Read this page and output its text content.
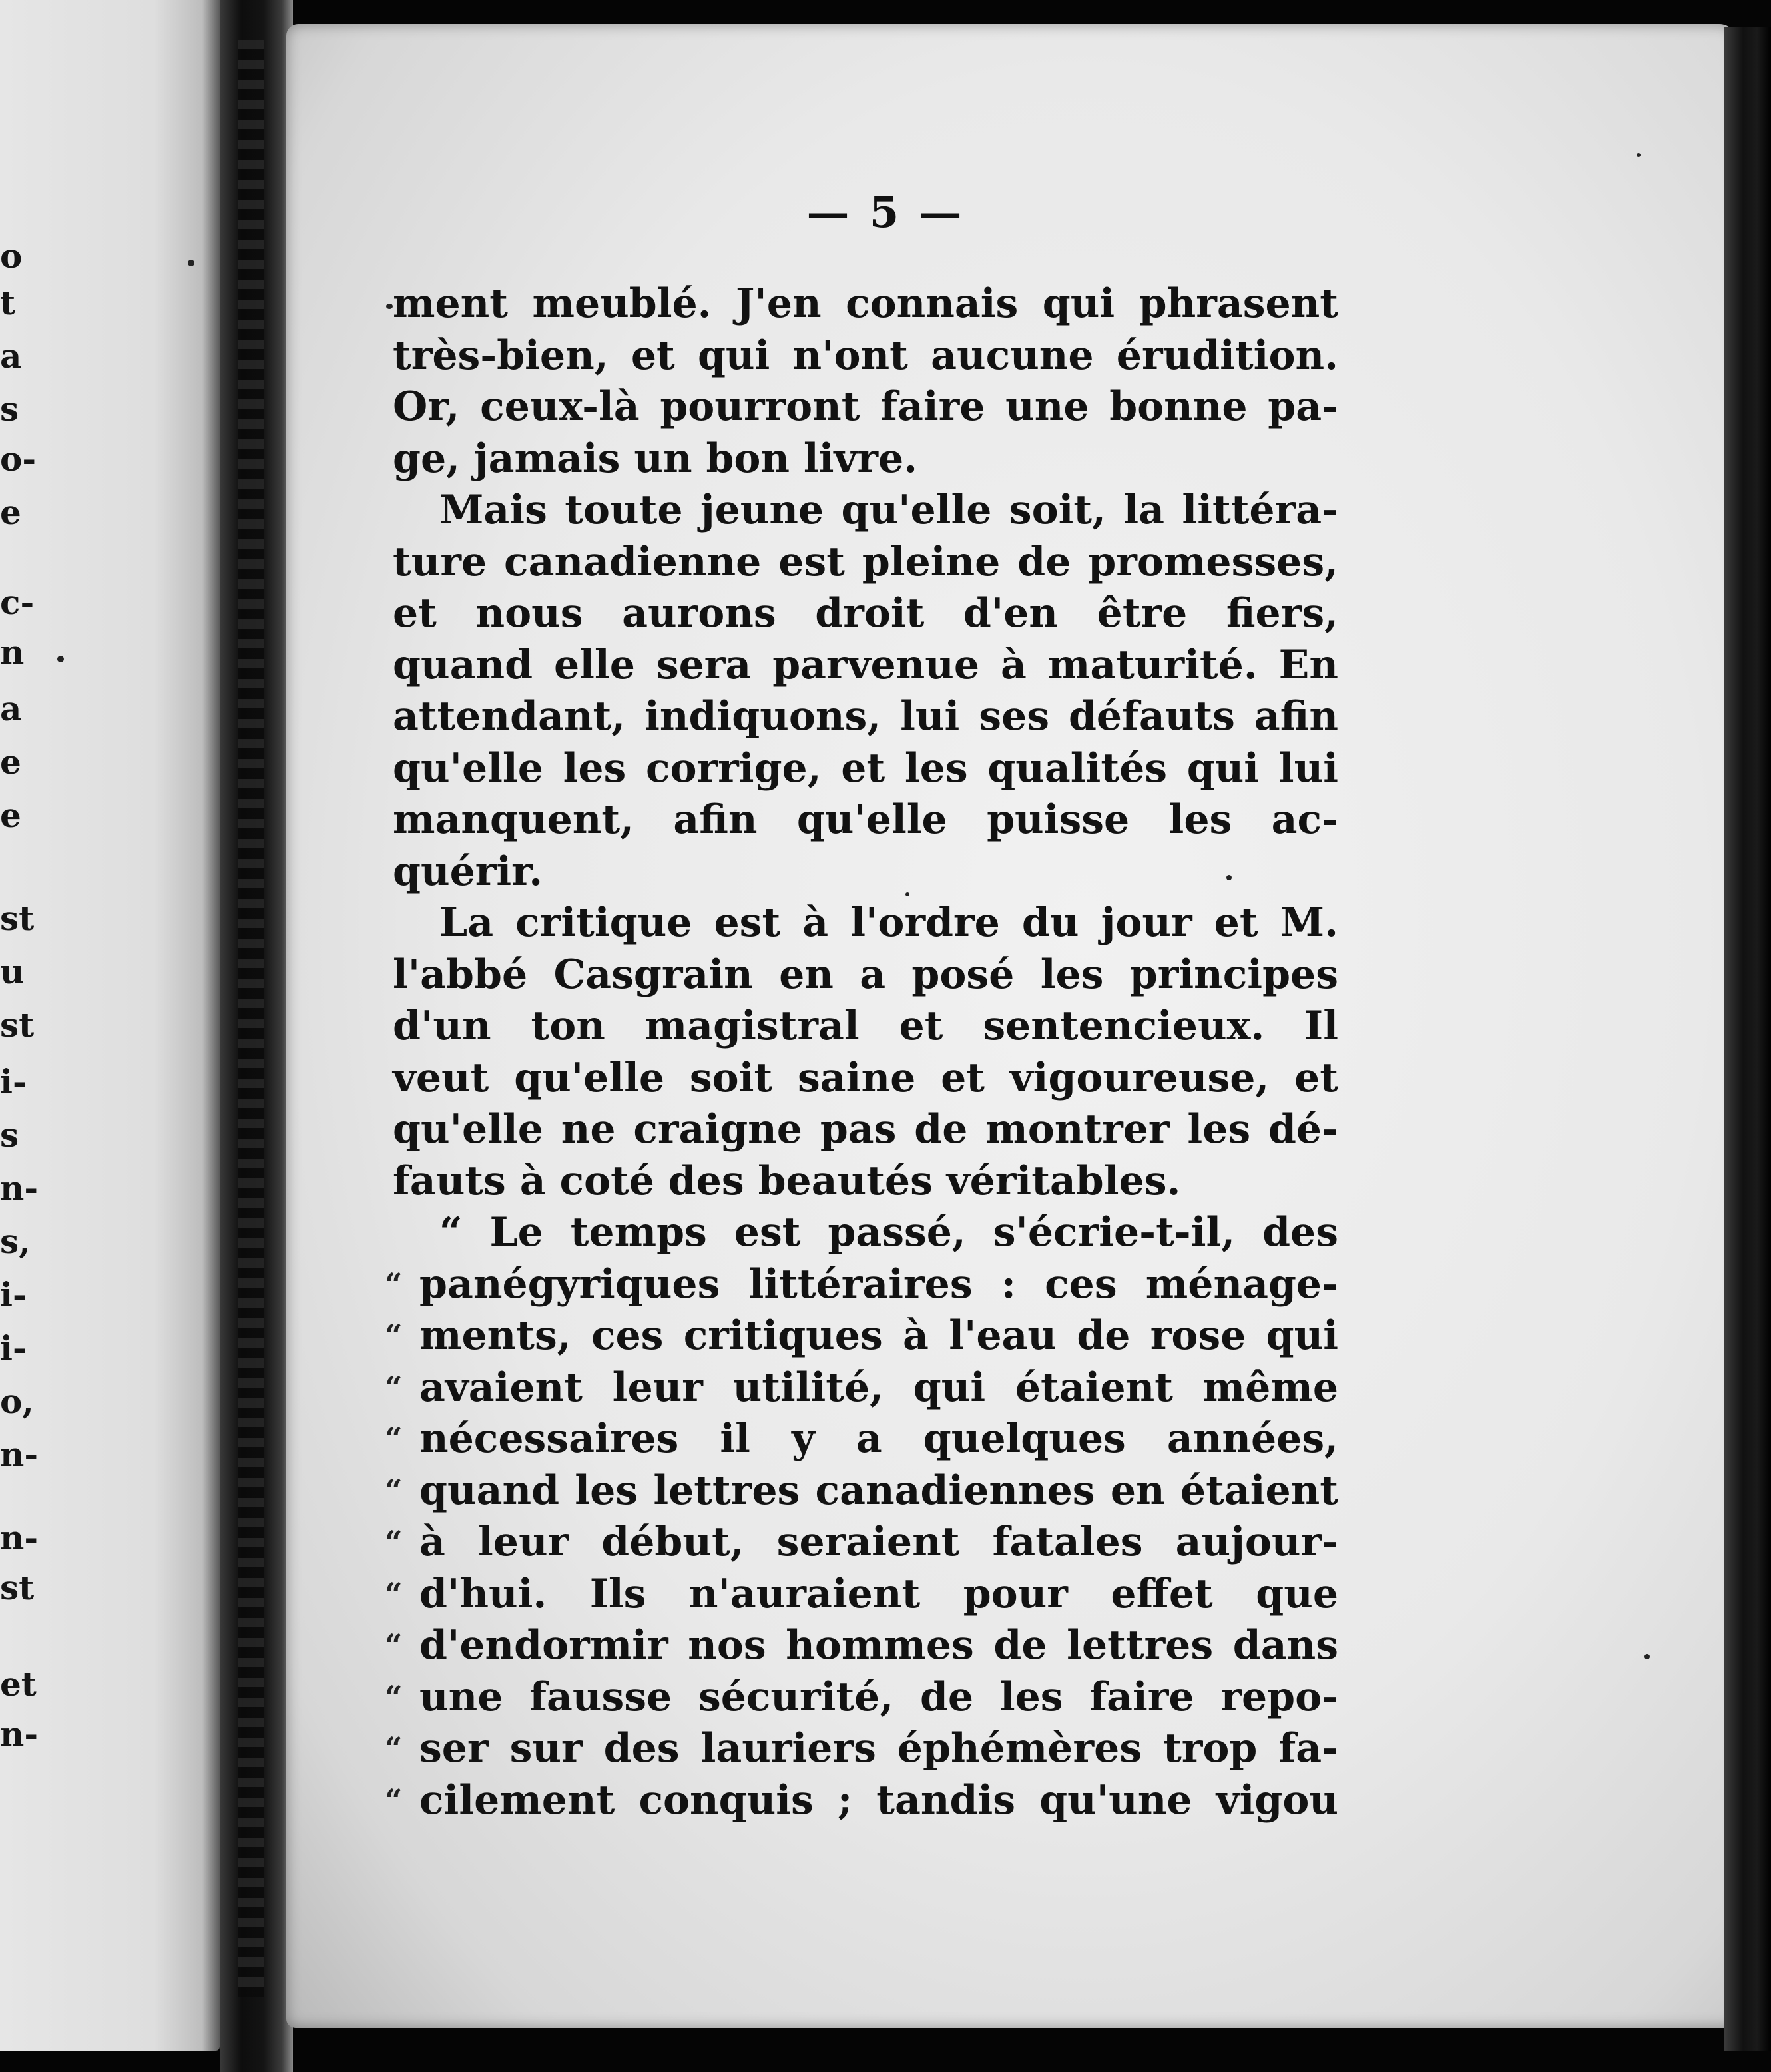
o
t
a
s
o-
e
c-
n
a
e
e
st
u
st
i-
s
n-
s,
i-
i-
o,
n-
n-
st
et
n-
— 5 —
ment meublé. J'en connais qui phrasent
très-bien, et qui n'ont aucune érudition.
Or, ceux-là pourront faire une bonne pa-
ge, jamais un bon livre.
Mais toute jeune qu'elle soit, la littéra-
ture canadienne est pleine de promesses,
et nous aurons droit d'en être fiers,
quand elle sera parvenue à maturité. En
attendant, indiquons, lui ses défauts afin
qu'elle les corrige, et les qualités qui lui
manquent, afin qu'elle puisse les ac-
quérir.
La critique est à l'ordre du jour et M.
l'abbé Casgrain en a posé les principes
d'un ton magistral et sentencieux. Il
veut qu'elle soit saine et vigoureuse, et
qu'elle ne craigne pas de montrer les dé-
fauts à coté des beautés véritables.
“ Le temps est passé, s'écrie-t-il, des
“ panégyriques littéraires : ces ménage-
“ ments, ces critiques à l'eau de rose qui
“ avaient leur utilité, qui étaient même
“ nécessaires il y a quelques années,
“ quand les lettres canadiennes en étaient
“ à leur début, seraient fatales aujour-
“ d'hui. Ils n'auraient pour effet que
“ d'endormir nos hommes de lettres dans
“ une fausse sécurité, de les faire repo-
“ ser sur des lauriers éphémères trop fa-
“ cilement conquis ; tandis qu'une vigou
